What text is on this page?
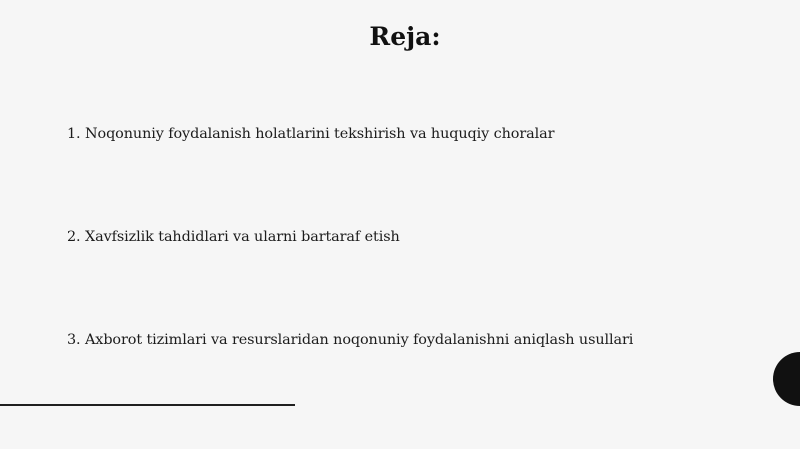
Reja:
1. Noqonuniy foydalanish holatlarini tekshirish va huquqiy choralar
2. Xavfsizlik tahdidlari va ularni bartaraf etish
3. Axborot tizimlari va resurslaridan noqonuniy foydalanishni aniqlash usullari
